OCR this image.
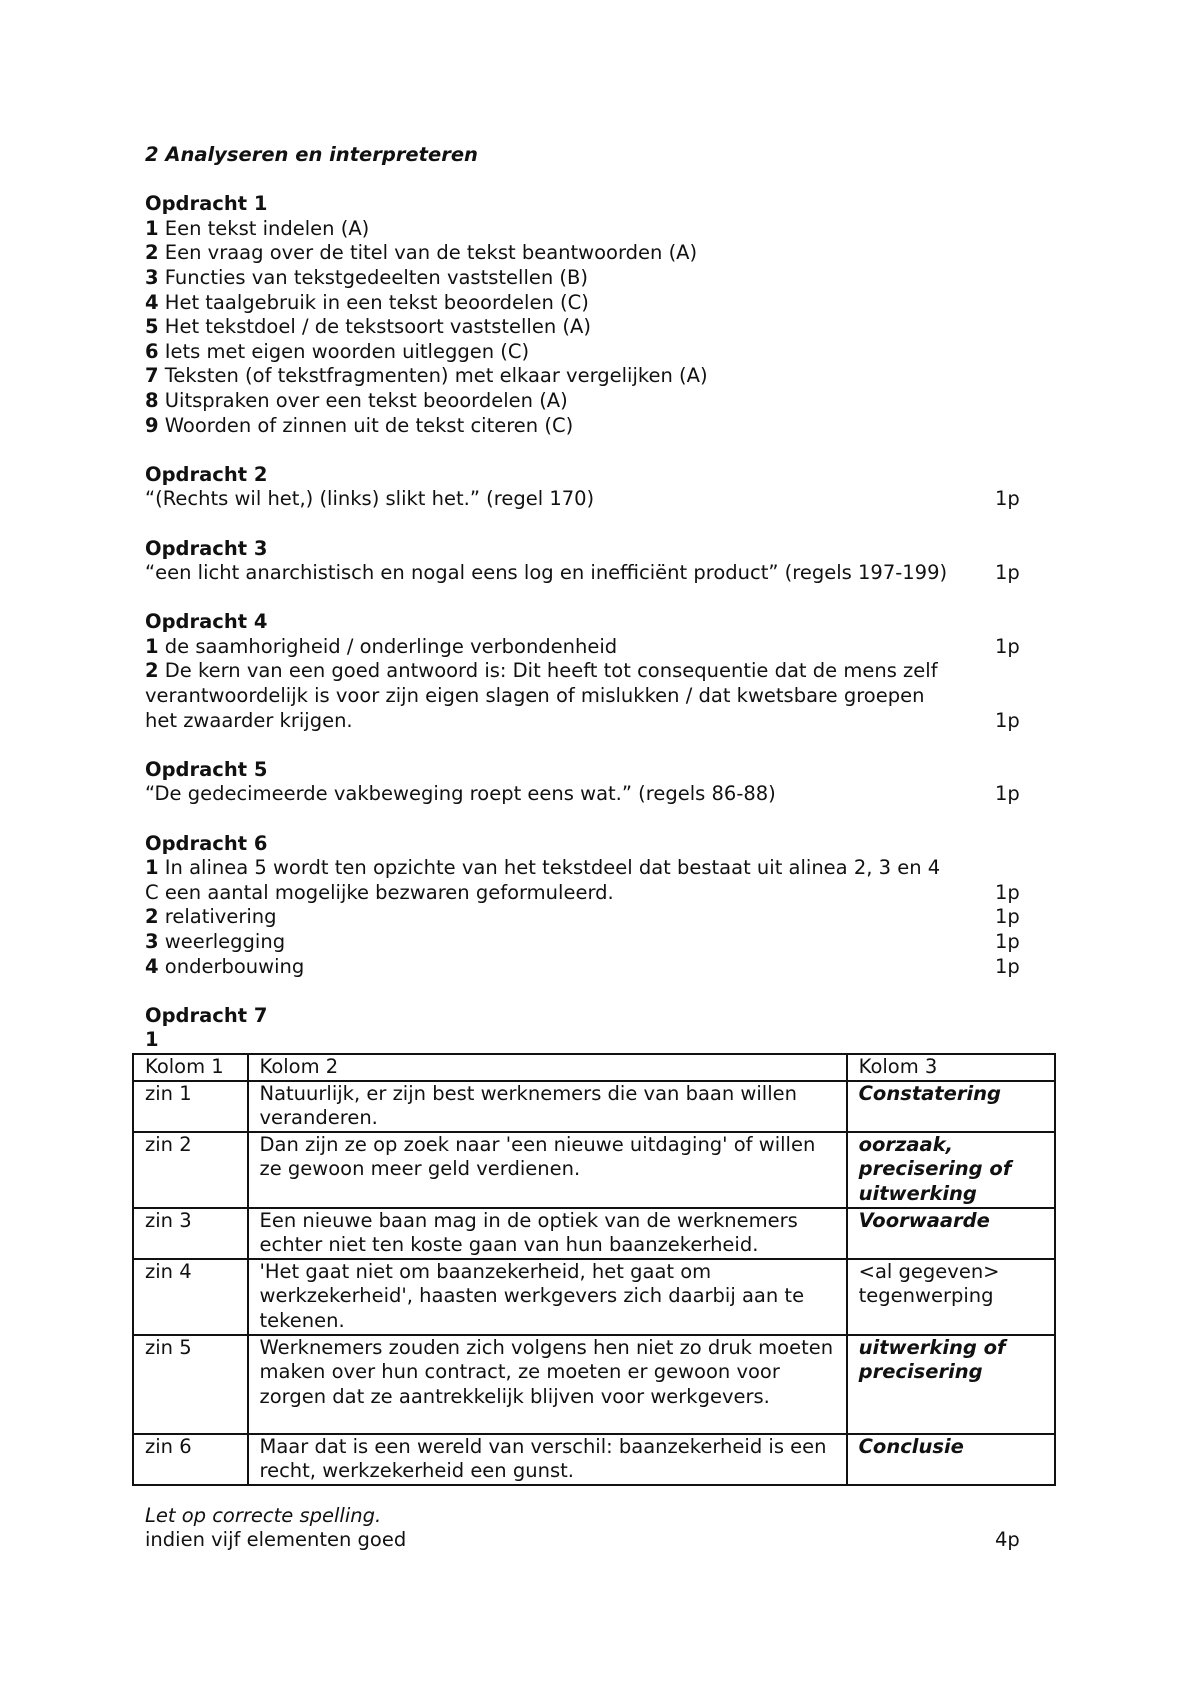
2 Analyseren en interpreteren
Opdracht 1
1 Een tekst indelen (A)
2 Een vraag over de titel van de tekst beantwoorden (A)
3 Functies van tekstgedeelten vaststellen (B)
4 Het taalgebruik in een tekst beoordelen (C)
5 Het tekstdoel / de tekstsoort vaststellen (A)
6 Iets met eigen woorden uitleggen (C)
7 Teksten (of tekstfragmenten) met elkaar vergelijken (A)
8 Uitspraken over een tekst beoordelen (A)
9 Woorden of zinnen uit de tekst citeren (C)
Opdracht 2
“(Rechts wil het,) (links) slikt het.” (regel 170)	1p
Opdracht 3
“een licht anarchistisch en nogal eens log en inefficiënt product” (regels 197-199)	1p
Opdracht 4
1 de saamhorigheid / onderlinge verbondenheid	1p
2 De kern van een goed antwoord is: Dit heeft tot consequentie dat de mens zelf
verantwoordelijk is voor zijn eigen slagen of mislukken / dat kwetsbare groepen
het zwaarder krijgen.	1p
Opdracht 5
“De gedecimeerde vakbeweging roept eens wat.” (regels 86-88)	1p
Opdracht 6
1 In alinea 5 wordt ten opzichte van het tekstdeel dat bestaat uit alinea 2, 3 en 4
C een aantal mogelijke bezwaren geformuleerd.	1p
2 relativering	1p
3 weerlegging	1p
4 onderbouwing	1p
Opdracht 7
1
Kolom 1	Kolom 2	Kolom 3
zin 1	Natuurlijk, er zijn best werknemers die van baan willen veranderen.	Constatering
zin 2	Dan zijn ze op zoek naar 'een nieuwe uitdaging' of willen ze gewoon meer geld verdienen.	oorzaak, precisering of uitwerking
zin 3	Een nieuwe baan mag in de optiek van de werknemers echter niet ten koste gaan van hun baanzekerheid.	Voorwaarde
zin 4	'Het gaat niet om baanzekerheid, het gaat om werkzekerheid', haasten werkgevers zich daarbij aan te tekenen.	<al gegeven> tegenwerping
zin 5	Werknemers zouden zich volgens hen niet zo druk moeten maken over hun contract, ze moeten er gewoon voor zorgen dat ze aantrekkelijk blijven voor werkgevers.	uitwerking of precisering
zin 6	Maar dat is een wereld van verschil: baanzekerheid is een recht, werkzekerheid een gunst.	Conclusie
Let op correcte spelling.
indien vijf elementen goed	4p
